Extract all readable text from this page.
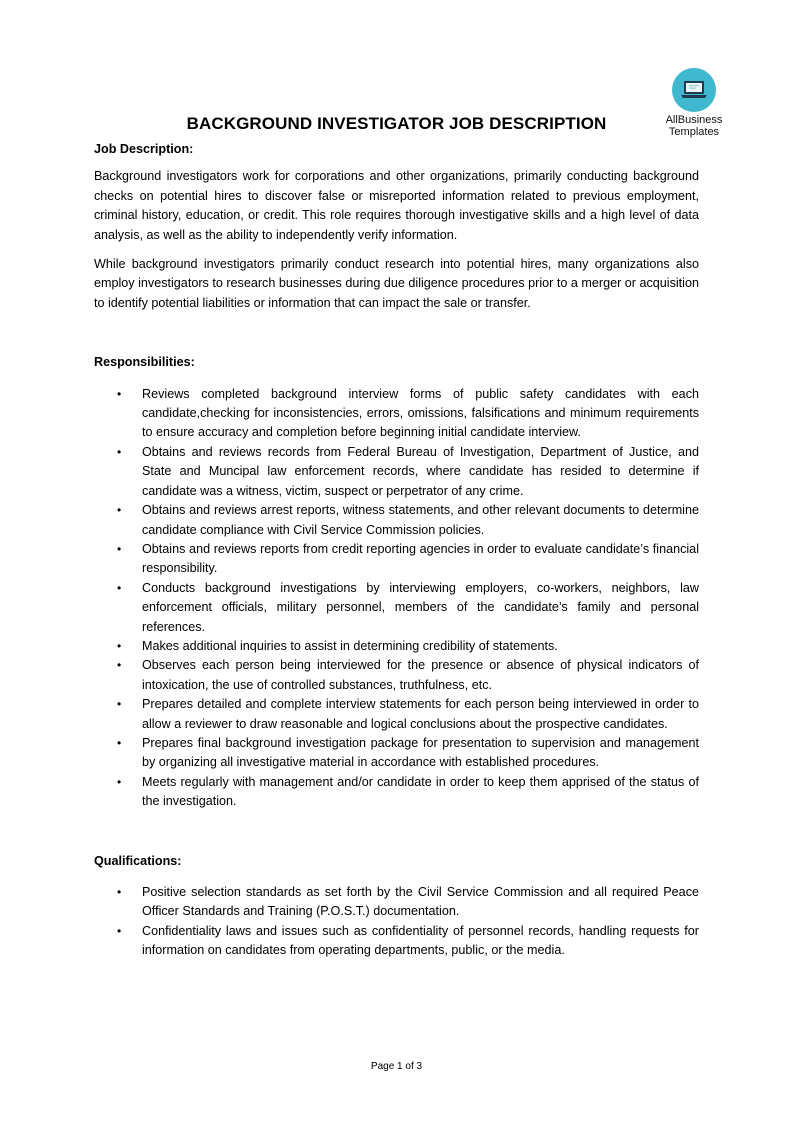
AllBusiness
Templates
BACKGROUND INVESTIGATOR JOB DESCRIPTION

Job Description:

Background investigators work for corporations and other organizations, primarily conducting background checks on potential hires to discover false or misreported information related to previous employment, criminal history, education, or credit. This role requires thorough investigative skills and a high level of data analysis, as well as the ability to independently verify information.

While background investigators primarily conduct research into potential hires, many organizations also employ investigators to research businesses during due diligence procedures prior to a merger or acquisition to identify potential liabilities or information that can impact the sale or transfer.

Responsibilities:

• Reviews completed background interview forms of public safety candidates with each candidate,checking for inconsistencies, errors, omissions, falsifications and minimum requirements to ensure accuracy and completion before beginning initial candidate interview.
• Obtains and reviews records from Federal Bureau of Investigation, Department of Justice, and State and Muncipal law enforcement records, where candidate has resided to determine if candidate was a witness, victim, suspect or perpetrator of any crime.
• Obtains and reviews arrest reports, witness statements, and other relevant documents to determine candidate compliance with Civil Service Commission policies.
• Obtains and reviews reports from credit reporting agencies in order to evaluate candidate’s financial responsibility.
• Conducts background investigations by interviewing employers, co-workers, neighbors, law enforcement officials, military personnel, members of the candidate’s family and personal references.
• Makes additional inquiries to assist in determining credibility of statements.
• Observes each person being interviewed for the presence or absence of physical indicators of intoxication, the use of controlled substances, truthfulness, etc.
• Prepares detailed and complete interview statements for each person being interviewed in order to allow a reviewer to draw reasonable and logical conclusions about the prospective candidates.
• Prepares final background investigation package for presentation to supervision and management by organizing all investigative material in accordance with established procedures.
• Meets regularly with management and/or candidate in order to keep them apprised of the status of the investigation.

Qualifications:

• Positive selection standards as set forth by the Civil Service Commission and all required Peace Officer Standards and Training (P.O.S.T.) documentation.
• Confidentiality laws and issues such as confidentiality of personnel records, handling requests for information on candidates from operating departments, public, or the media.
Page 1 of 3
